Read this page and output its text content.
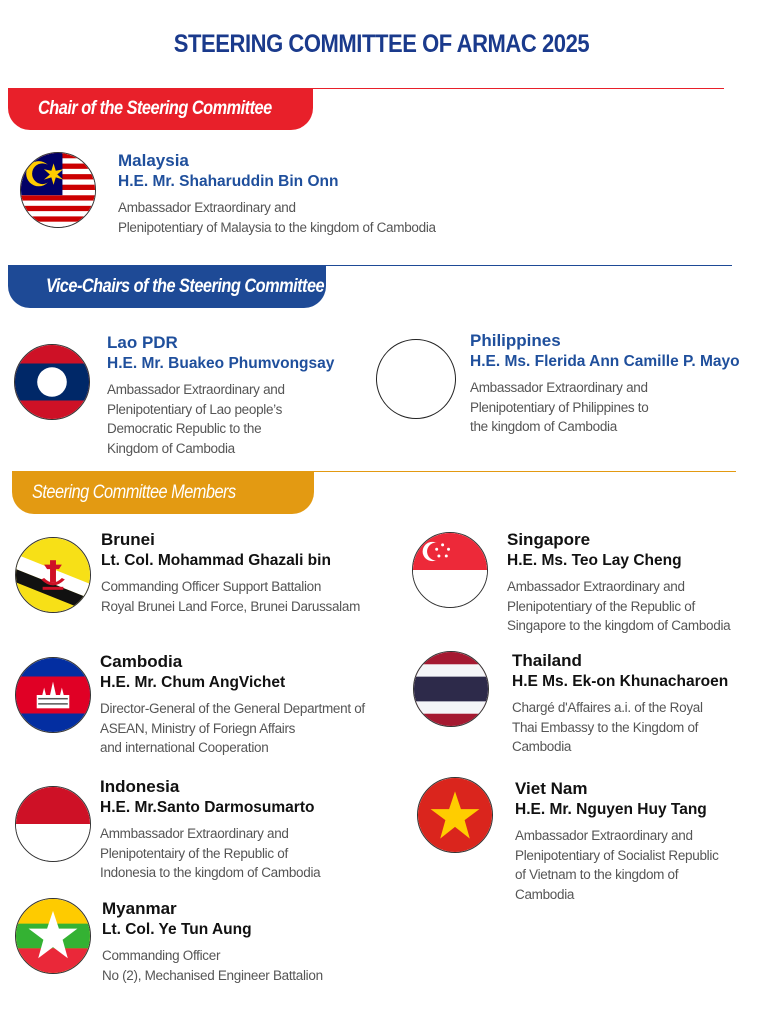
STEERING COMMITTEE OF ARMAC 2025
Chair of the Steering Committee
Malaysia
H.E. Mr. Shaharuddin Bin Onn
Ambassador Extraordinary and
Plenipotentiary of Malaysia to the kingdom of Cambodia
Vice-Chairs of the Steering Committee
Lao PDR
H.E. Mr. Buakeo Phumvongsay
Ambassador Extraordinary and
Plenipotentiary of Lao people’s
Democratic Republic to the
Kingdom of Cambodia
Philippines
H.E. Ms. Flerida Ann Camille P. Mayo
Ambassador Extraordinary and
Plenipotentiary of Philippines to
the kingdom of Cambodia
Steering Committee Members
Brunei
Lt. Col. Mohammad Ghazali bin
Commanding Officer Support Battalion
Royal Brunei Land Force, Brunei Darussalam
Singapore
H.E. Ms. Teo Lay Cheng
Ambassador Extraordinary and
Plenipotentiary of the Republic of
Singapore to the kingdom of Cambodia
Cambodia
H.E. Mr. Chum AngVichet
Director-General of the General Department of
ASEAN, Ministry of Foriegn Affairs
and international Cooperation
Thailand
H.E Ms. Ek-on Khunacharoen
Chargé d'Affaires a.i. of the Royal
Thai Embassy to the Kingdom of
Cambodia
Indonesia
H.E. Mr.Santo Darmosumarto
Ammbassador Extraordinary and
Plenipotentairy of the Republic of
Indonesia to the kingdom of Cambodia
Viet Nam
H.E. Mr. Nguyen Huy Tang
Ambassador Extraordinary and
Plenipotentiary of Socialist Republic
of Vietnam to the kingdom of
Cambodia
Myanmar
Lt. Col. Ye Tun Aung
Commanding Officer
No (2), Mechanised Engineer Battalion
